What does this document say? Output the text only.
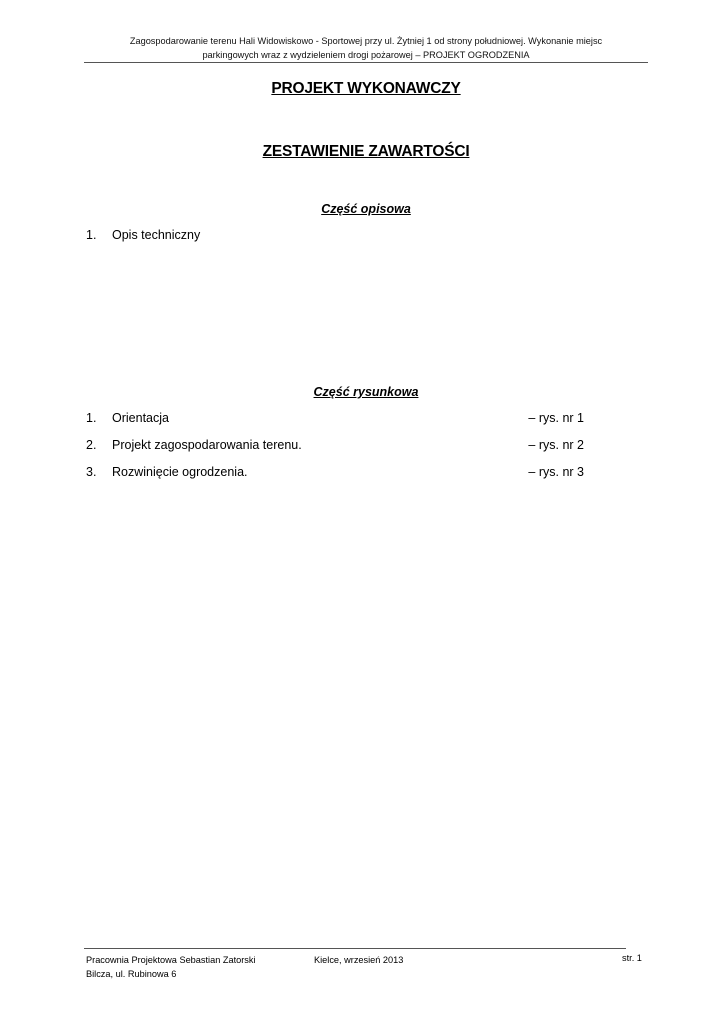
Zagospodarowanie terenu Hali Widowiskowo - Sportowej przy ul. Żytniej 1 od strony południowej. Wykonanie miejsc
parkingowych wraz z wydzieleniem drogi pożarowej – PROJEKT OGRODZENIA
PROJEKT WYKONAWCZY
ZESTAWIENIE ZAWARTOŚCI
Część opisowa
1. Opis techniczny
Część rysunkowa
1. Orientacja	– rys. nr 1
2. Projekt zagospodarowania terenu.	– rys. nr 2
3. Rozwinięcie ogrodzenia.	– rys. nr 3
Pracownia Projektowa Sebastian Zatorski
Bilcza, ul. Rubinowa 6
Kielce, wrzesień 2013	str. 1
